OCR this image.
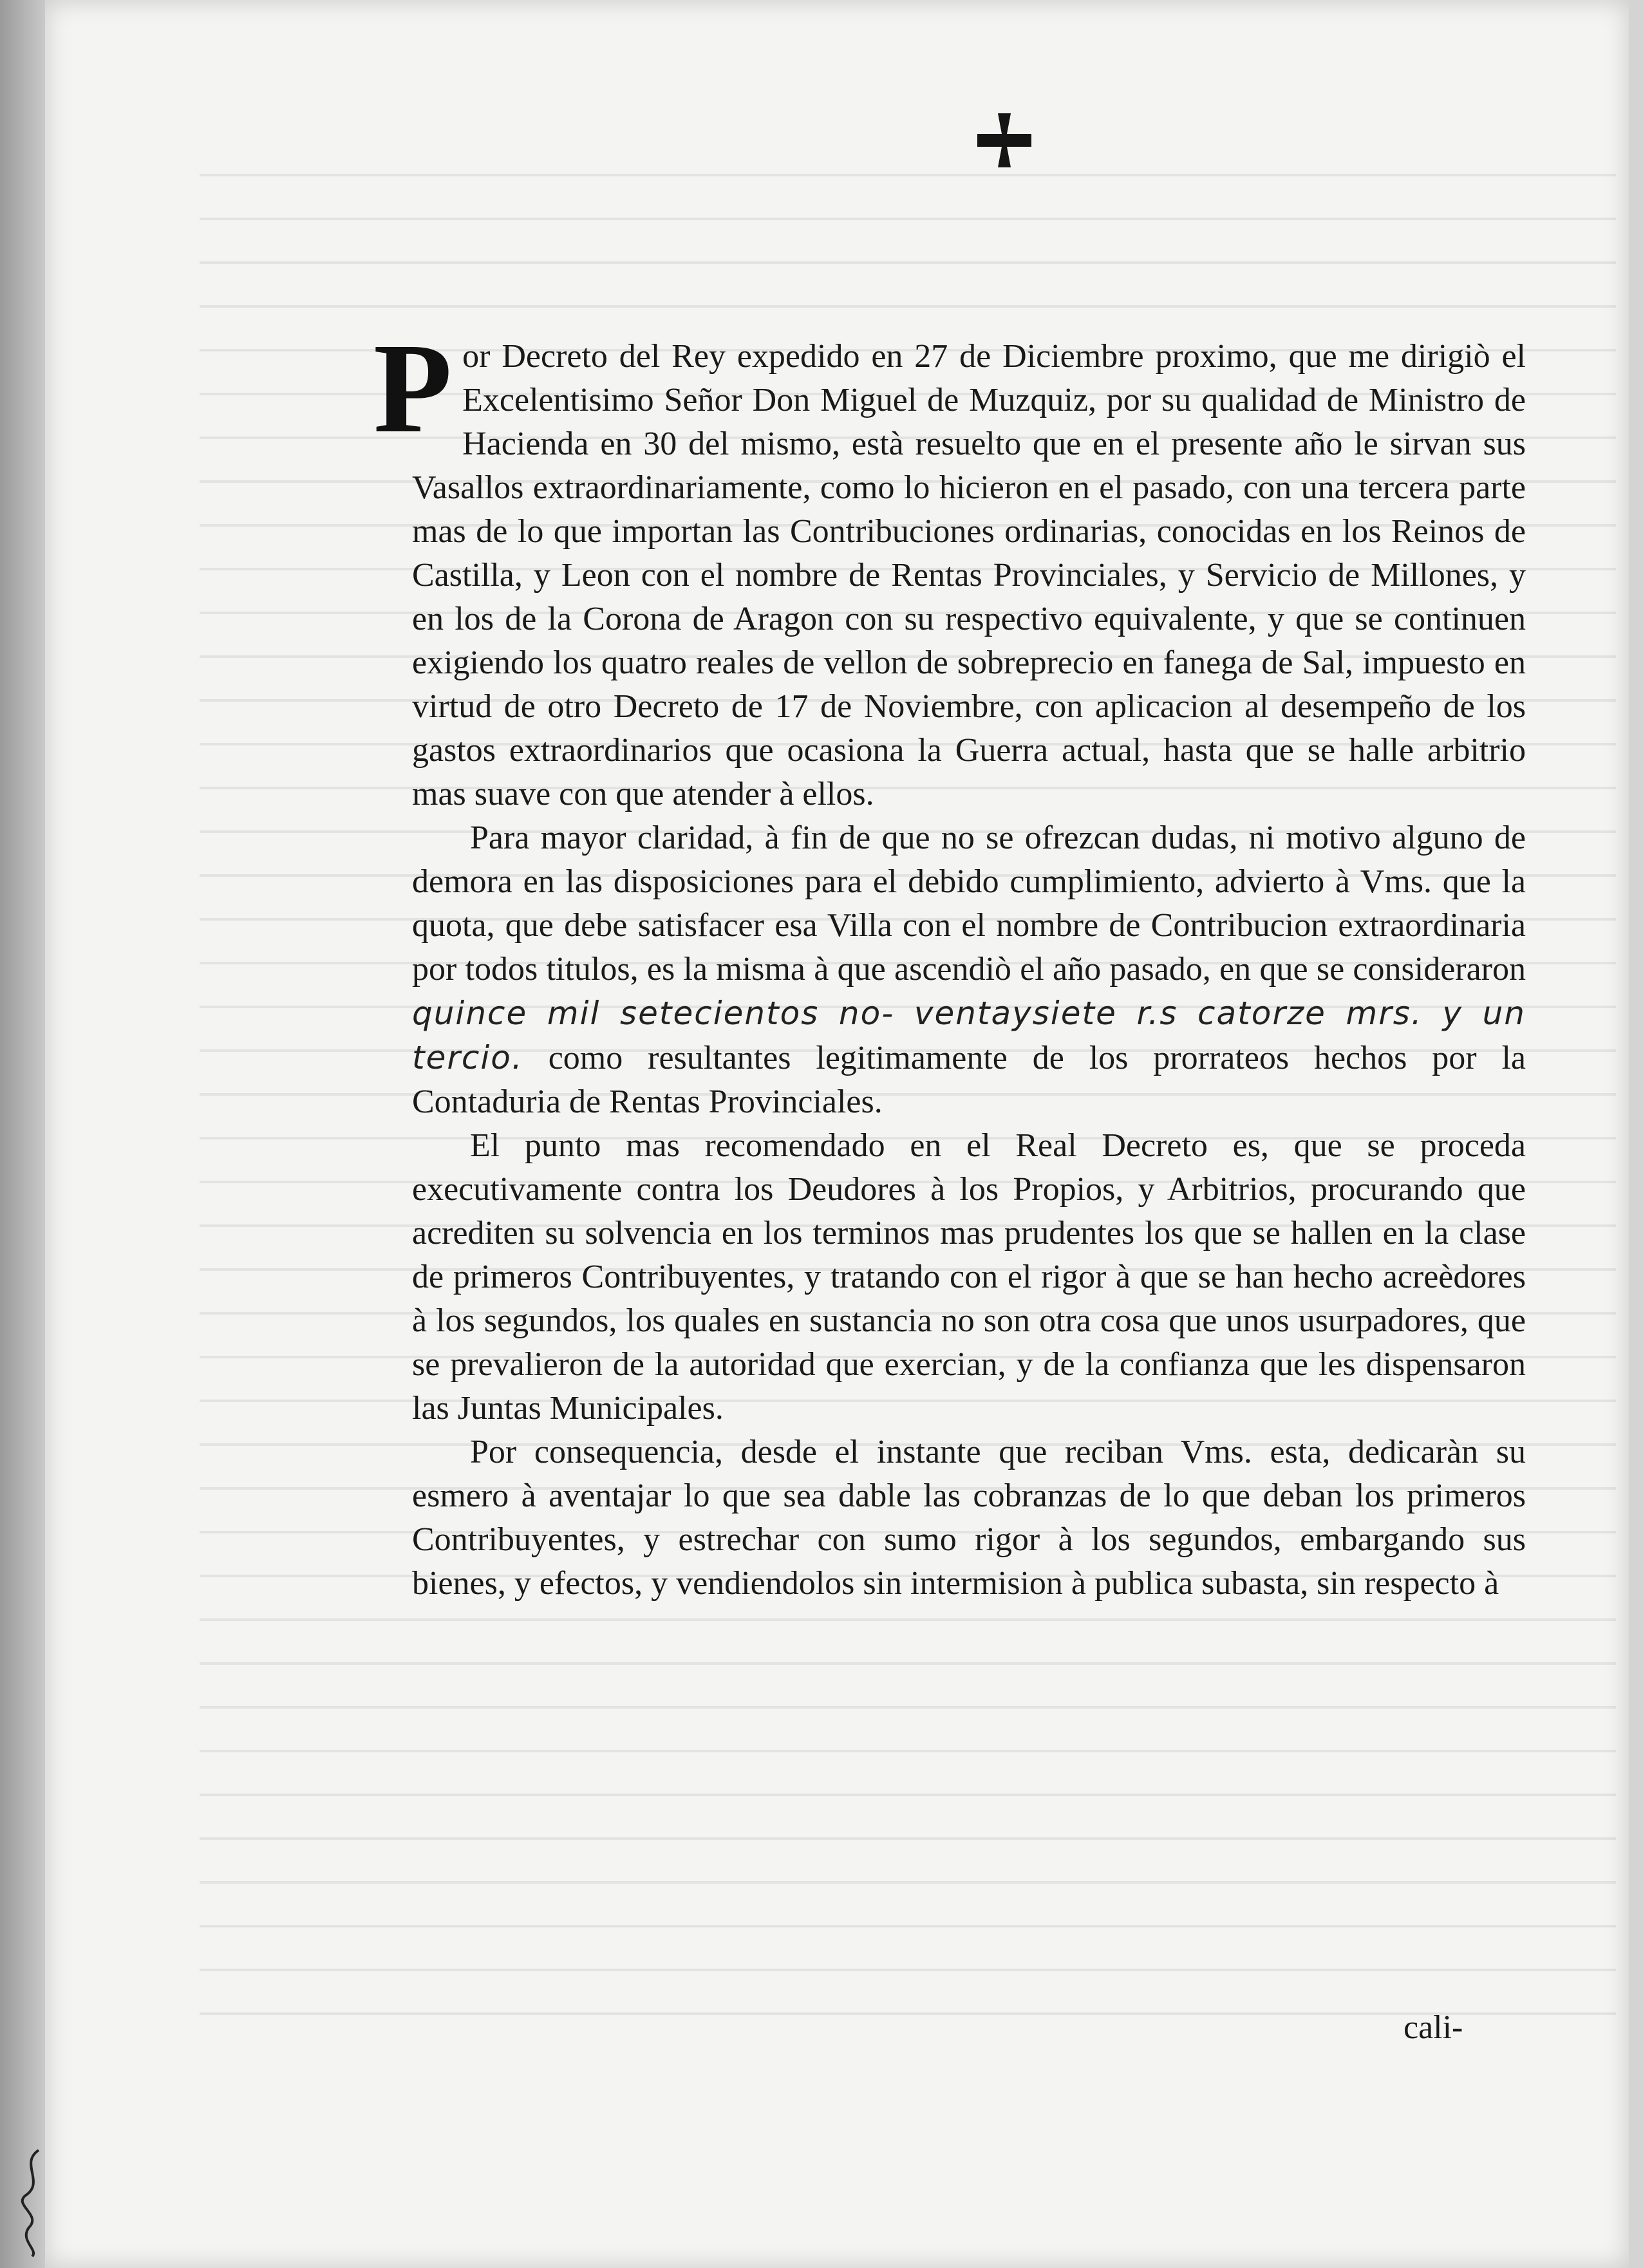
P or Decreto del Rey expedido en 27 de Diciembre proximo, que me dirigiò el Excelentisimo Señor Don Miguel de Muzquiz, por su qualidad de Ministro de Hacienda en 30 del mismo, està resuelto que en el presente año le sirvan sus Vasallos extraordinariamente, como lo hicieron en el pasado, con una tercera parte mas de lo que importan las Contribuciones ordinarias, conocidas en los Reinos de Castilla, y Leon con el nombre de Rentas Provinciales, y Servicio de Millones, y en los de la Corona de Aragon con su respectivo equivalente, y que se continuen exigiendo los quatro reales de vellon de sobreprecio en fanega de Sal, impuesto en virtud de otro Decreto de 17 de Noviembre, con aplicacion al desempeño de los gastos extraordinarios que ocasiona la Guerra actual, hasta que se halle arbitrio mas suave con que atender à ellos.

Para mayor claridad, à fin de que no se ofrezcan dudas, ni motivo alguno de demora en las disposiciones para el debido cumplimiento, advierto à Vms. que la quota, que debe satisfacer esa Villa con el nombre de Contribucion extraordinaria por todos titulos, es la misma à que ascendiò el año pasado, en que se consideraron quince mil setecientos no- ventaysiete r.s catorze mrs. y un tercio. como resultantes legitimamente de los prorrateos hechos por la Contaduria de Rentas Provinciales.

El punto mas recomendado en el Real Decreto es, que se proceda executivamente contra los Deudores à los Propios, y Arbitrios, procurando que acrediten su solvencia en los terminos mas prudentes los que se hallen en la clase de primeros Contribuyentes, y tratando con el rigor à que se han hecho acreèdores à los segundos, los quales en sustancia no son otra cosa que unos usurpadores, que se prevalieron de la autoridad que exercian, y de la confianza que les dispensaron las Juntas Municipales.

Por consequencia, desde el instante que reciban Vms. esta, dedicaràn su esmero à aventajar lo que sea dable las cobranzas de lo que deban los primeros Contribuyentes, y estrechar con sumo rigor à los segundos, embargando sus bienes, y efectos, y vendiendolos sin intermision à publica subasta, sin respecto à

cali-
